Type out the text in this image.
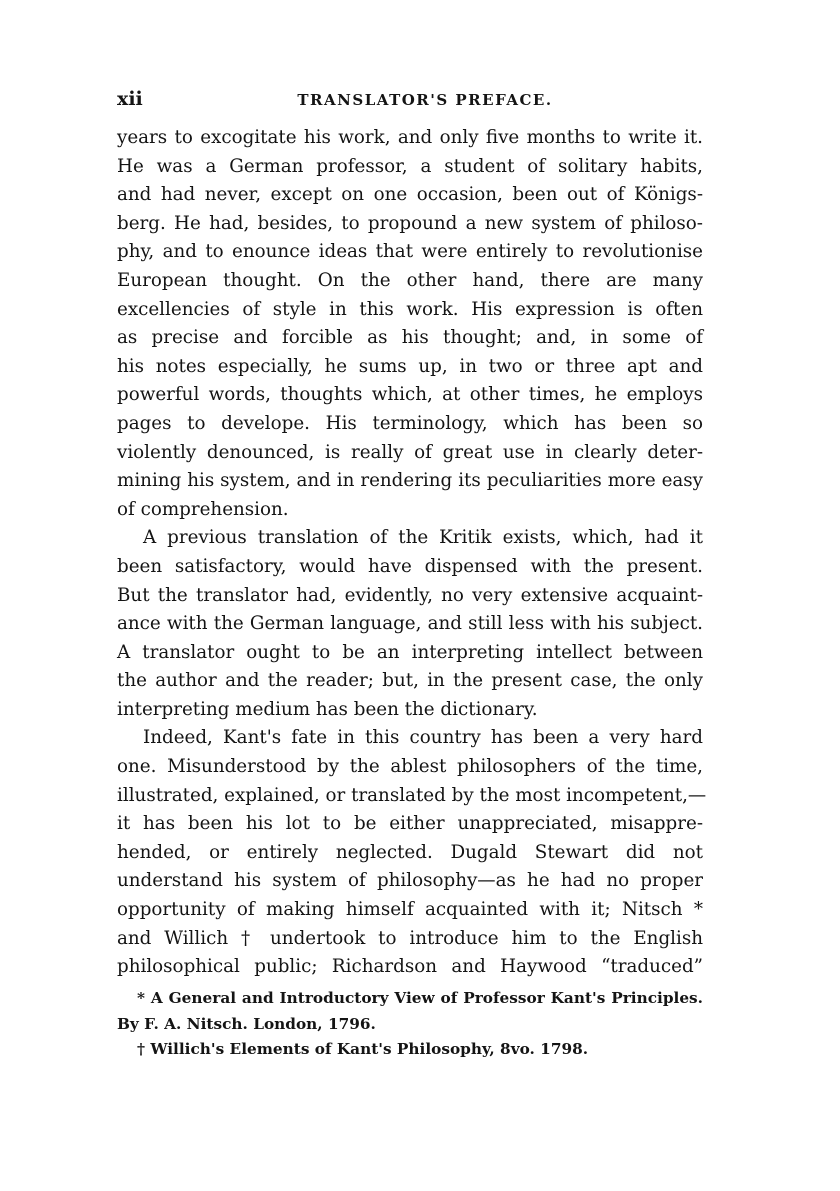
xii	TRANSLATOR'S PREFACE.
years to excogitate his work, and only five months to write it.
He was a German professor, a student of solitary habits,
and had never, except on one occasion, been out of Königs-
berg. He had, besides, to propound a new system of philoso-
phy, and to enounce ideas that were entirely to revolutionise
European thought. On the other hand, there are many
excellencies of style in this work. His expression is often
as precise and forcible as his thought; and, in some of
his notes especially, he sums up, in two or three apt and
powerful words, thoughts which, at other times, he employs
pages to develope. His terminology, which has been so
violently denounced, is really of great use in clearly deter-
mining his system, and in rendering its peculiarities more easy
of comprehension.
A previous translation of the Kritik exists, which, had it
been satisfactory, would have dispensed with the present.
But the translator had, evidently, no very extensive acquaint-
ance with the German language, and still less with his subject.
A translator ought to be an interpreting intellect between
the author and the reader; but, in the present case, the only
interpreting medium has been the dictionary.
Indeed, Kant's fate in this country has been a very hard
one. Misunderstood by the ablest philosophers of the time,
illustrated, explained, or translated by the most incompetent,—
it has been his lot to be either unappreciated, misappre-
hended, or entirely neglected. Dugald Stewart did not
understand his system of philosophy—as he had no proper
opportunity of making himself acquainted with it; Nitsch *
and Willich † undertook to introduce him to the English
philosophical public; Richardson and Haywood “traduced”
* A General and Introductory View of Professor Kant's Principles.
By F. A. Nitsch. London, 1796.
† Willich's Elements of Kant's Philosophy, 8vo. 1798.
